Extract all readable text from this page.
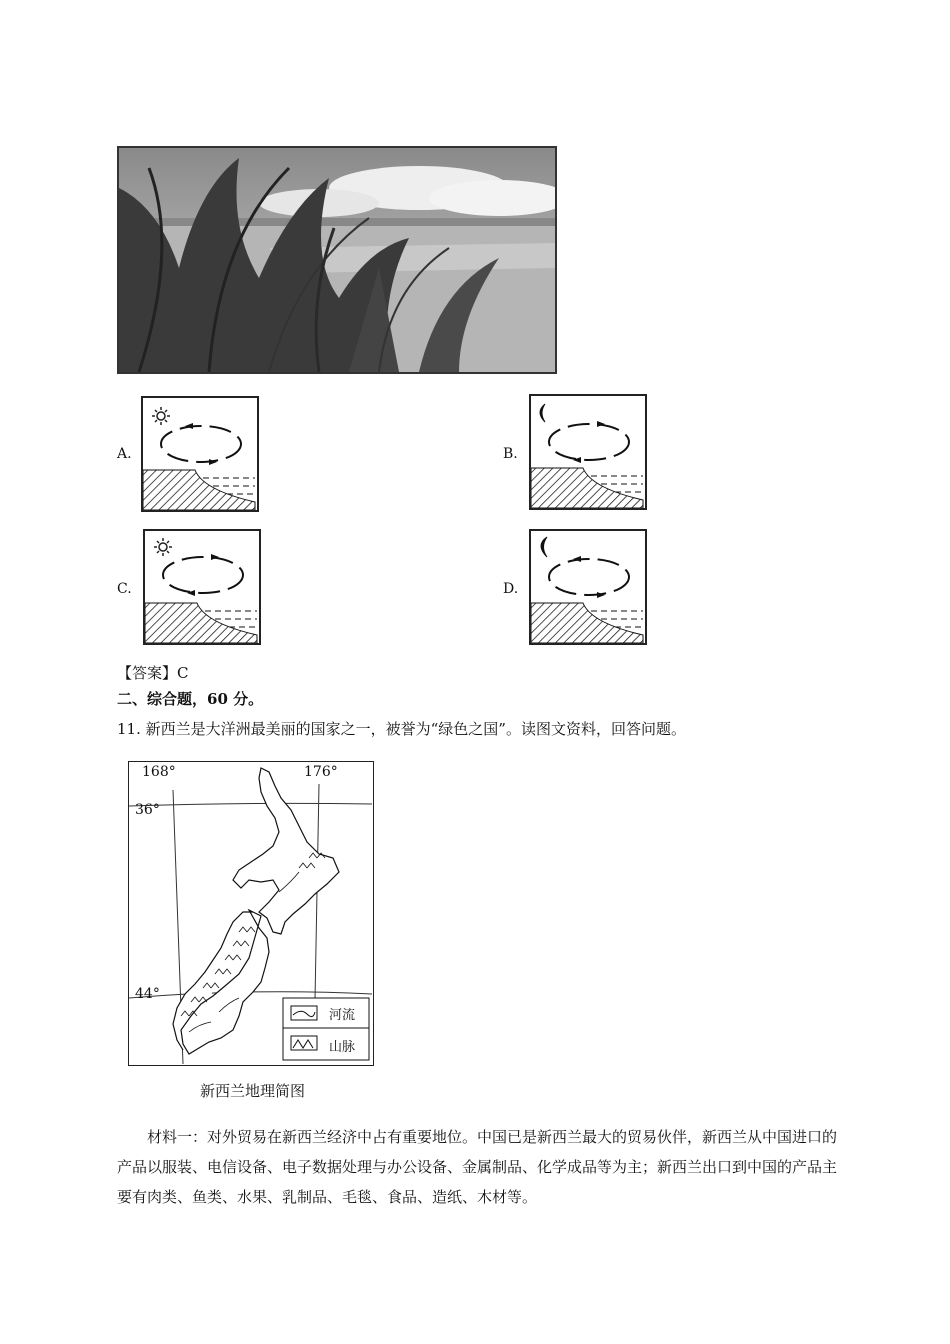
A.	B.
C.	D.
【答案】C
二、综合题，60 分。
11. 新西兰是大洋洲最美丽的国家之一，被誉为“绿色之国”。读图文资料，回答问题。
河流
山脉
168°	176°
36°
44°
新西兰地理简图
材料一：对外贸易在新西兰经济中占有重要地位。中国已是新西兰最大的贸易伙伴，新西兰从中国进口的产品以服装、电信设备、电子数据处理与办公设备、金属制品、化学成品等为主；新西兰出口到中国的产品主要有肉类、鱼类、水果、乳制品、毛毯、食品、造纸、木材等。
